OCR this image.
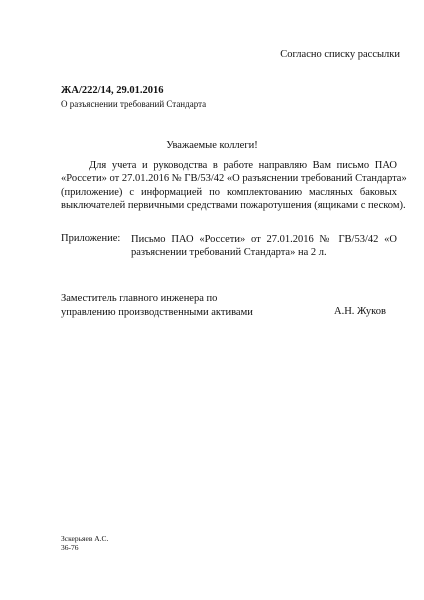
Согласно списку рассылки
ЖА/222/14, 29.01.2016
О разъяснении требований Стандарта
Уважаемые коллеги!
Для учета и руководства в работе направляю Вам письмо ПАО
«Россети» от 27.01.2016 № ГВ/53/42 «О разъяснении требований Стандарта»
(приложение) с информацией по комплектованию масляных баковых
выключателей первичными средствами пожаротушения (ящиками с песком).
Приложение: Письмо ПАО «Россети» от 27.01.2016 № ГВ/53/42 «О
разъяснении требований Стандарта» на 2 л.
Заместитель главного инженера по
управлению производственными активами	А.Н. Жуков
Зскерьяев А.С.
36-76
